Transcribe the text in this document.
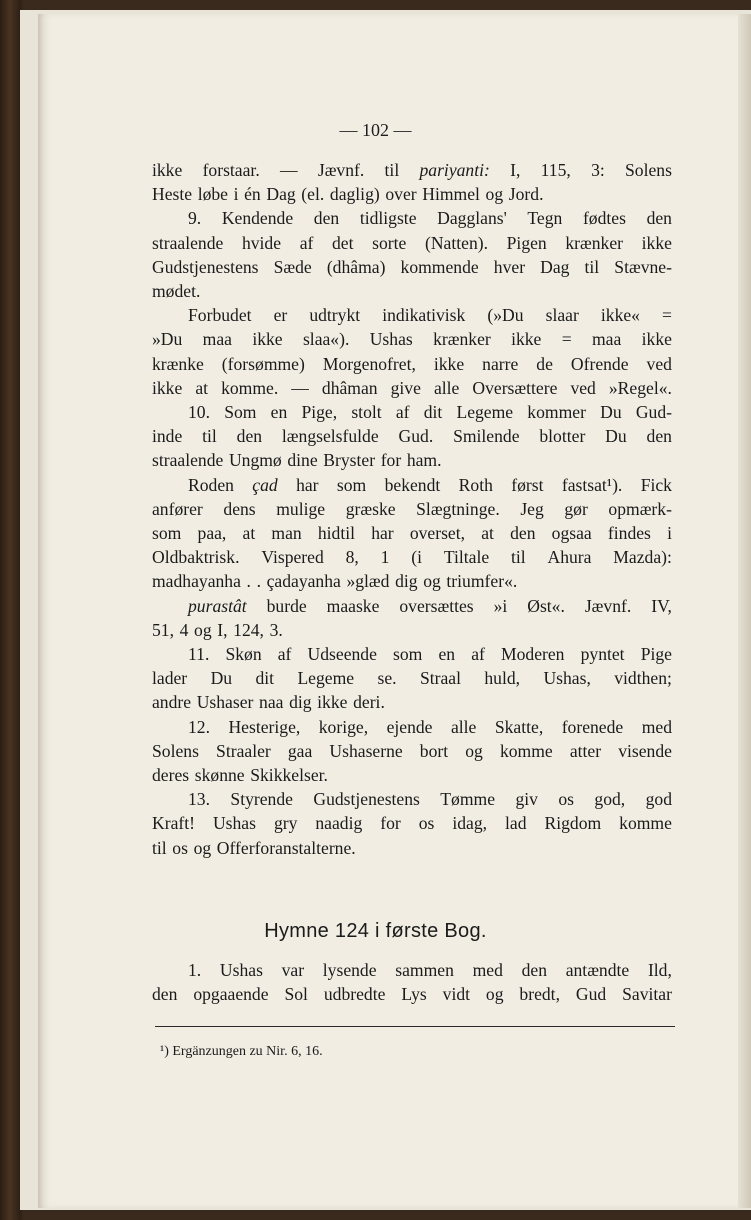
— 102 —
ikke forstaar. — Jævnf. til pariyanti: I, 115, 3: Solens
Heste løbe i én Dag (el. daglig) over Himmel og Jord.
9. Kendende den tidligste Dagglans' Tegn fødtes den
straalende hvide af det sorte (Natten). Pigen krænker ikke
Gudstjenestens Sæde (dhâma) kommende hver Dag til Stævne-
mødet.
Forbudet er udtrykt indikativisk (»Du slaar ikke« =
»Du maa ikke slaa«). Ushas krænker ikke = maa ikke
krænke (forsømme) Morgenofret, ikke narre de Ofrende ved
ikke at komme. — dhâman give alle Oversættere ved »Regel«.
10. Som en Pige, stolt af dit Legeme kommer Du Gud-
inde til den længselsfulde Gud. Smilende blotter Du den
straalende Ungmø dine Bryster for ham.
Roden çad har som bekendt Roth først fastsat¹). Fick
anfører dens mulige græske Slægtninge. Jeg gør opmærk-
som paa, at man hidtil har overset, at den ogsaa findes i
Oldbaktrisk. Vispered 8, 1 (i Tiltale til Ahura Mazda):
madhayanha . . çadayanha »glæd dig og triumfer«.
purastât burde maaske oversættes »i Øst«. Jævnf. IV,
51, 4 og I, 124, 3.
11. Skøn af Udseende som en af Moderen pyntet Pige
lader Du dit Legeme se. Straal huld, Ushas, vidthen;
andre Ushaser naa dig ikke deri.
12. Hesterige, korige, ejende alle Skatte, forenede med
Solens Straaler gaa Ushaserne bort og komme atter visende
deres skønne Skikkelser.
13. Styrende Gudstjenestens Tømme giv os god, god
Kraft! Ushas gry naadig for os idag, lad Rigdom komme
til os og Offerforanstalterne.
Hymne 124 i første Bog.
1. Ushas var lysende sammen med den antændte Ild,
den opgaaende Sol udbredte Lys vidt og bredt, Gud Savitar
¹) Ergänzungen zu Nir. 6, 16.
